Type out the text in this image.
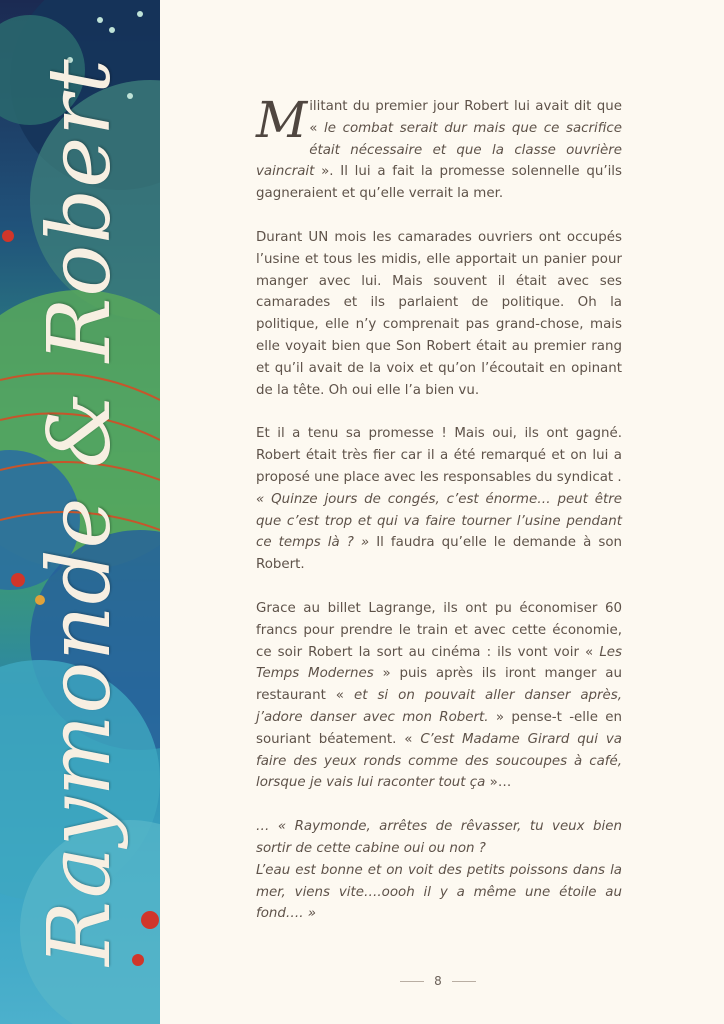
Raymonde & Robert	Militant du premier jour Robert lui avait dit que « le combat serait dur mais que ce sacrifice était nécessaire et que la classe ouvrière vaincrait ». Il lui a fait la promesse solennelle qu’ils gagneraient et qu’elle verrait la mer.

Durant UN mois les camarades ouvriers ont occupés l’usine et tous les midis, elle apportait un panier pour manger avec lui. Mais souvent il était avec ses camarades et ils parlaient de politique. Oh la politique, elle n’y comprenait pas grand-chose, mais elle voyait bien que Son Robert était au premier rang et qu’il avait de la voix et qu’on l’écoutait en opinant de la tête. Oh oui elle l’a bien vu.

Et il a tenu sa promesse ! Mais oui, ils ont gagné. Robert était très fier car il a été remarqué et on lui a proposé une place avec les responsables du syndicat .
« Quinze jours de congés, c’est énorme… peut être que c’est trop et qui va faire tourner l’usine pendant ce temps là ? » Il faudra qu’elle le demande à son Robert.

Grace au billet Lagrange, ils ont pu économiser 60 francs pour prendre le train et avec cette économie, ce soir Robert la sort au cinéma : ils vont voir « Les Temps Modernes » puis après ils iront manger au restaurant « et si on pouvait aller danser après, j’adore danser avec mon Robert. » pense-t -elle en souriant béatement. « C’est Madame Girard qui va faire des yeux ronds comme des soucoupes à café, lorsque je vais lui raconter tout ça »…

… « Raymonde, arrêtes de rêvasser, tu veux bien sortir de cette cabine oui ou non ?
L’eau est bonne et on voit des petits poissons dans la mer, viens vite….oooh il y a même une étoile au fond…. »

8
